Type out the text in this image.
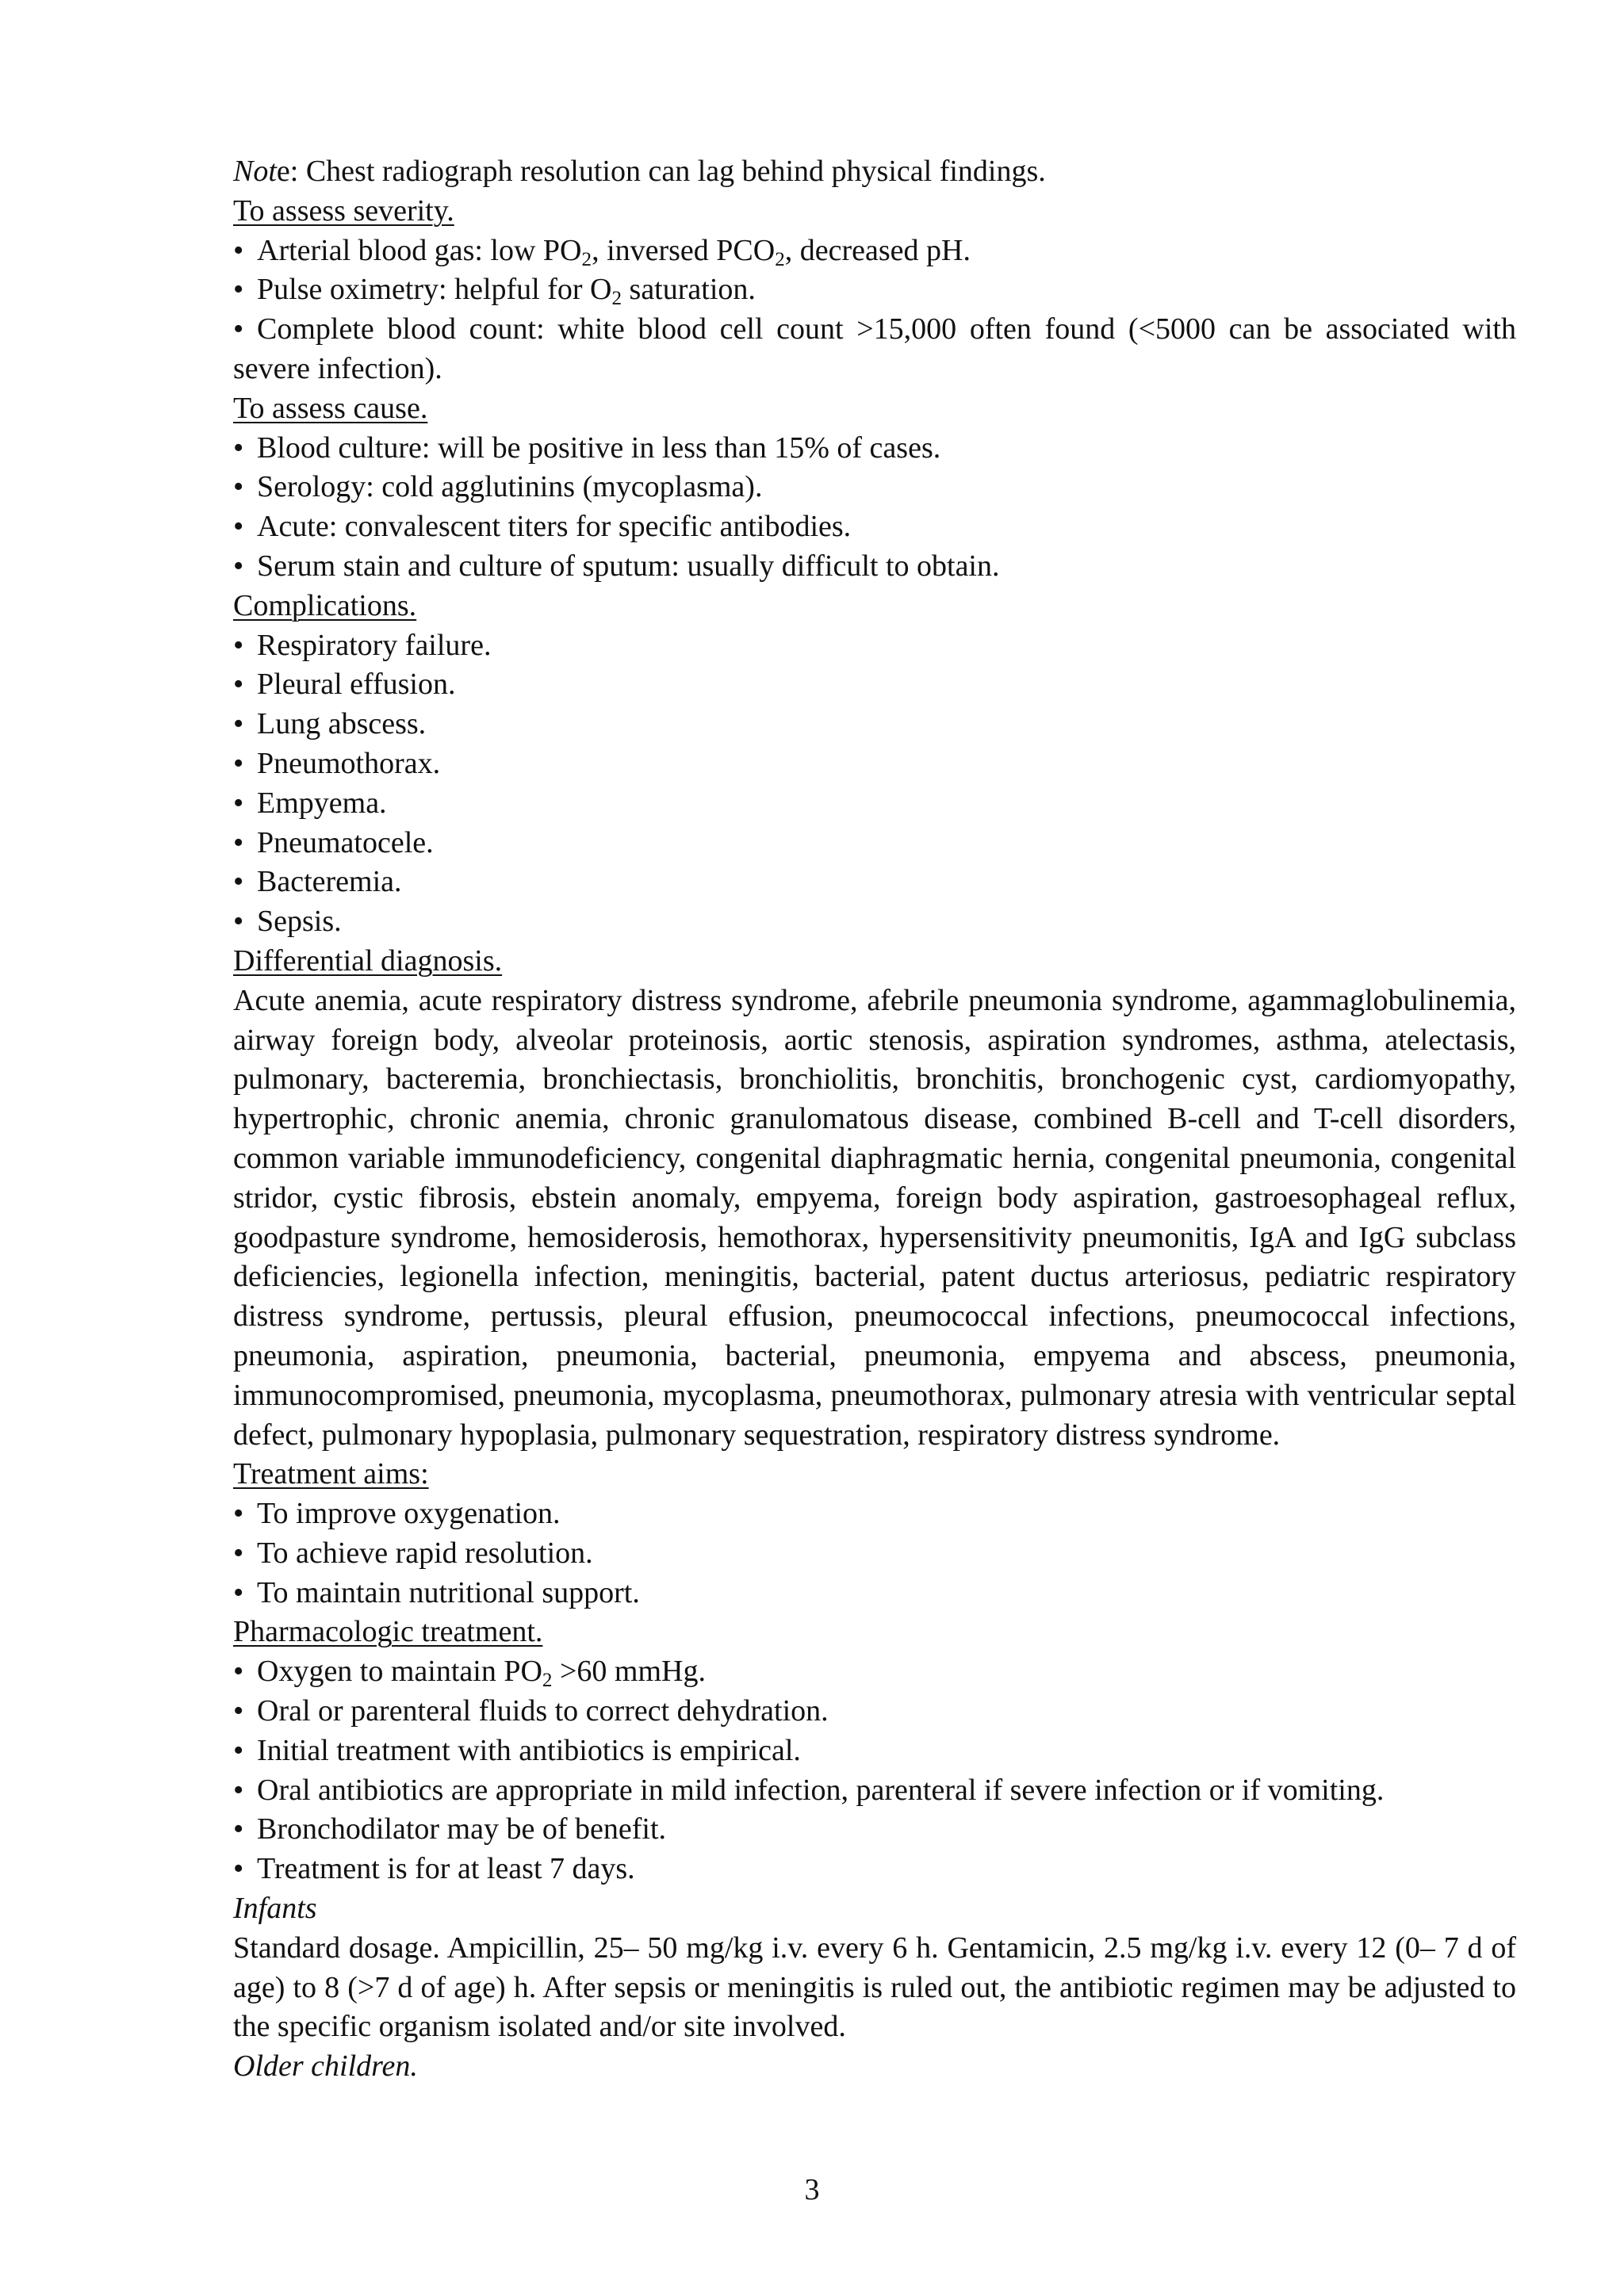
Note: Chest radiograph resolution can lag behind physical findings.
To assess severity.
• Arterial blood gas: low $PO_2$, inversed $PCO_2$, decreased pH.
• Pulse oximetry: helpful for $O_2$ saturation.
• Complete blood count: white blood cell count >15,000 often found (<5000 can be associated with severe infection).
To assess cause.
• Blood culture: will be positive in less than 15% of cases.
• Serology: cold agglutinins (mycoplasma).
• Acute: convalescent titers for specific antibodies.
• Serum stain and culture of sputum: usually difficult to obtain.
Complications.
• Respiratory failure.
• Pleural effusion.
• Lung abscess.
• Pneumothorax.
• Empyema.
• Pneumatocele.
• Bacteremia.
• Sepsis.
Differential diagnosis.
Acute anemia, acute respiratory distress syndrome, afebrile pneumonia syndrome, agammaglobulinemia, airway foreign body, alveolar proteinosis, aortic stenosis, aspiration syndromes, asthma, atelectasis, pulmonary, bacteremia, bronchiectasis, bronchiolitis, bronchitis, bronchogenic cyst, cardiomyopathy, hypertrophic, chronic anemia, chronic granulomatous disease, combined B-cell and T-cell disorders, common variable immunodeficiency, congenital diaphragmatic hernia, congenital pneumonia, congenital stridor, cystic fibrosis, ebstein anomaly, empyema, foreign body aspiration, gastroesophageal reflux, goodpasture syndrome, hemosiderosis, hemothorax, hypersensitivity pneumonitis, IgA and IgG subclass deficiencies, legionella infection, meningitis, bacterial, patent ductus arteriosus, pediatric respiratory distress syndrome, pertussis, pleural effusion, pneumococcal infections, pneumococcal infections, pneumonia, aspiration, pneumonia, bacterial, pneumonia, empyema and abscess, pneumonia, immunocompromised, pneumonia, mycoplasma, pneumothorax, pulmonary atresia with ventricular septal defect, pulmonary hypoplasia, pulmonary sequestration, respiratory distress syndrome.
Treatment aims:
• To improve oxygenation.
• To achieve rapid resolution.
• To maintain nutritional support.
Pharmacologic treatment.
• Oxygen to maintain $PO_2 >60$ mmHg.
• Oral or parenteral fluids to correct dehydration.
• Initial treatment with antibiotics is empirical.
• Oral antibiotics are appropriate in mild infection, parenteral if severe infection or if vomiting.
• Bronchodilator may be of benefit.
• Treatment is for at least 7 days.
Infants
Standard dosage. Ampicillin, 25– 50 mg/kg i.v. every 6 h. Gentamicin, 2.5 mg/kg i.v. every 12 (0– 7 d of age) to 8 (>7 d of age) h. After sepsis or meningitis is ruled out, the antibiotic regimen may be adjusted to the specific organism isolated and/or site involved.
Older children.
3
